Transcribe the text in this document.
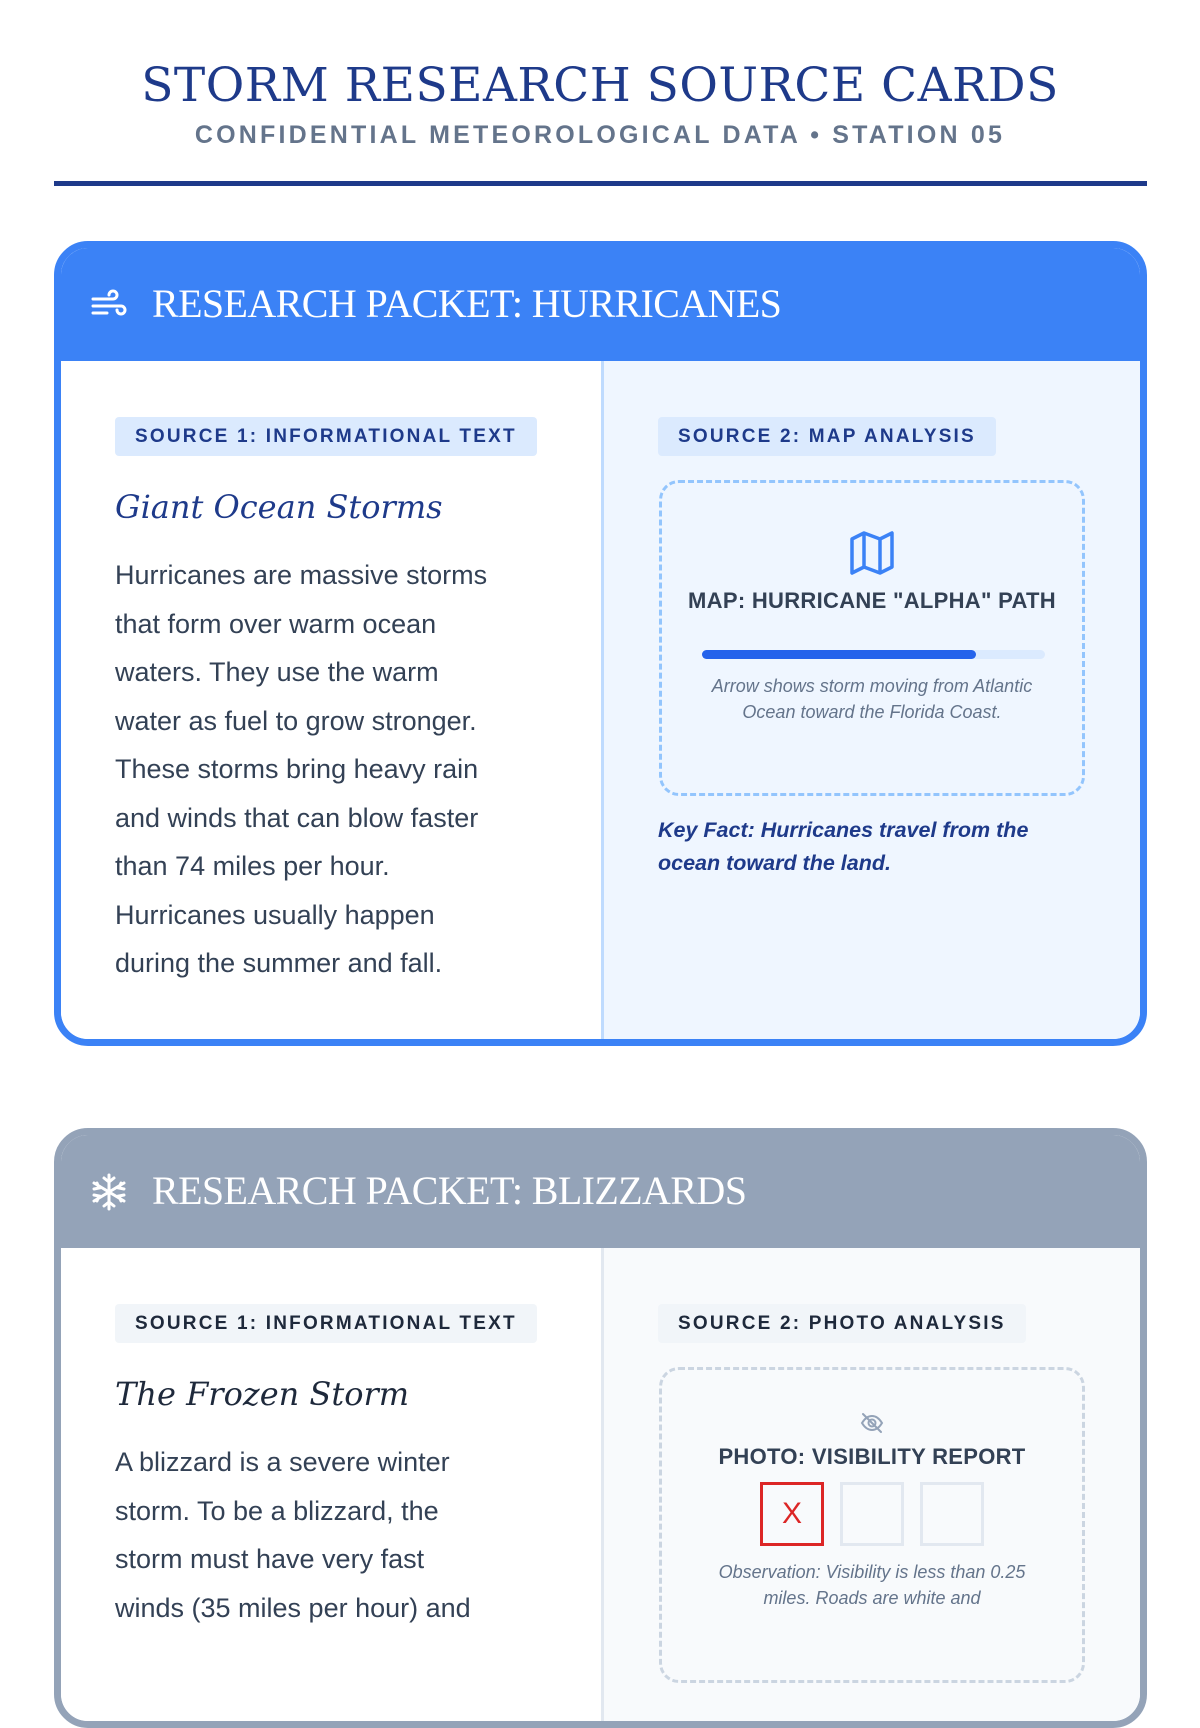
STORM RESEARCH SOURCE CARDS
CONFIDENTIAL METEOROLOGICAL DATA • STATION 05
RESEARCH PACKET: HURRICANES
SOURCE 1: INFORMATIONAL TEXT
Giant Ocean Storms
Hurricanes are massive storms
that form over warm ocean
waters. They use the warm
water as fuel to grow stronger.
These storms bring heavy rain
and winds that can blow faster
than 74 miles per hour.
Hurricanes usually happen
during the summer and fall.
SOURCE 2: MAP ANALYSIS
MAP: HURRICANE "ALPHA" PATH
Arrow shows storm moving from Atlantic Ocean toward the Florida Coast.
Key Fact: Hurricanes travel from the ocean toward the land.
RESEARCH PACKET: BLIZZARDS
SOURCE 1: INFORMATIONAL TEXT
The Frozen Storm
A blizzard is a severe winter
storm. To be a blizzard, the
storm must have very fast
winds (35 miles per hour) and
SOURCE 2: PHOTO ANALYSIS
PHOTO: VISIBILITY REPORT
X
Observation: Visibility is less than 0.25 miles. Roads are white and
